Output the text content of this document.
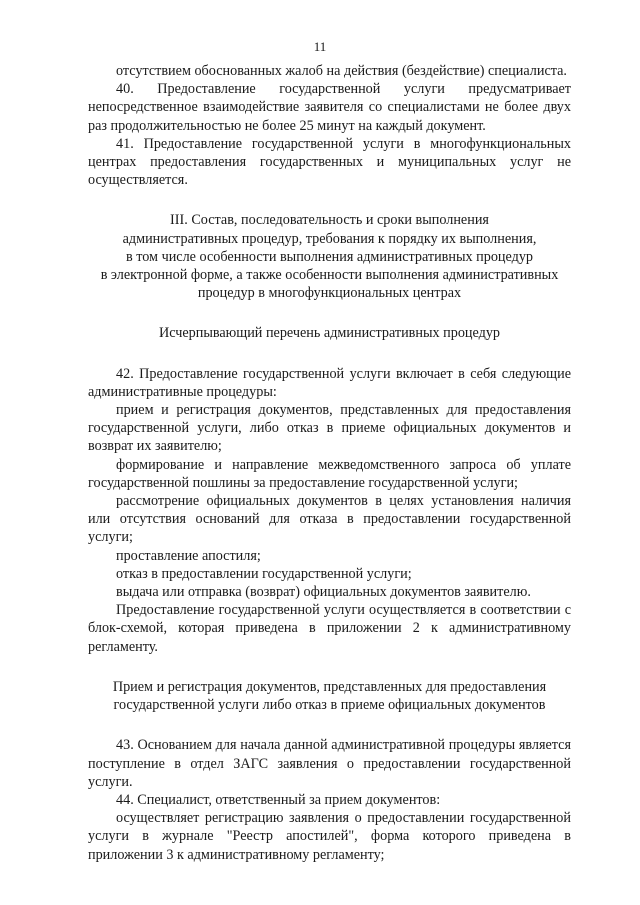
11

отсутствием обоснованных жалоб на действия (бездействие) специалиста.

40. Предоставление государственной услуги предусматривает непосредственное взаимодействие заявителя со специалистами не более двух раз продолжительностью не более 25 минут на каждый документ.

41. Предоставление государственной услуги в многофункциональных центрах предоставления государственных и муниципальных услуг не осуществляется.

III. Состав, последовательность и сроки выполнения
административных процедур, требования к порядку их выполнения,
в том числе особенности выполнения административных процедур
в электронной форме, а также особенности выполнения административных
процедур в многофункциональных центрах

Исчерпывающий перечень административных процедур

42. Предоставление государственной услуги включает в себя следующие административные процедуры:

прием и регистрация документов, представленных для предоставления государственной услуги, либо отказ в приеме официальных документов и возврат их заявителю;

формирование и направление межведомственного запроса об уплате государственной пошлины за предоставление государственной услуги;

рассмотрение официальных документов в целях установления наличия или отсутствия оснований для отказа в предоставлении государственной услуги;

проставление апостиля;

отказ в предоставлении государственной услуги;

выдача или отправка (возврат) официальных документов заявителю.

Предоставление государственной услуги осуществляется в соответствии с блок-схемой, которая приведена в приложении 2 к административному регламенту.

Прием и регистрация документов, представленных для предоставления
государственной услуги либо отказ в приеме официальных документов

43. Основанием для начала данной административной процедуры является поступление в отдел ЗАГС заявления о предоставлении государственной услуги.

44. Специалист, ответственный за прием документов:

осуществляет регистрацию заявления о предоставлении государственной услуги в журнале "Реестр апостилей", форма которого приведена в приложении 3 к административному регламенту;
